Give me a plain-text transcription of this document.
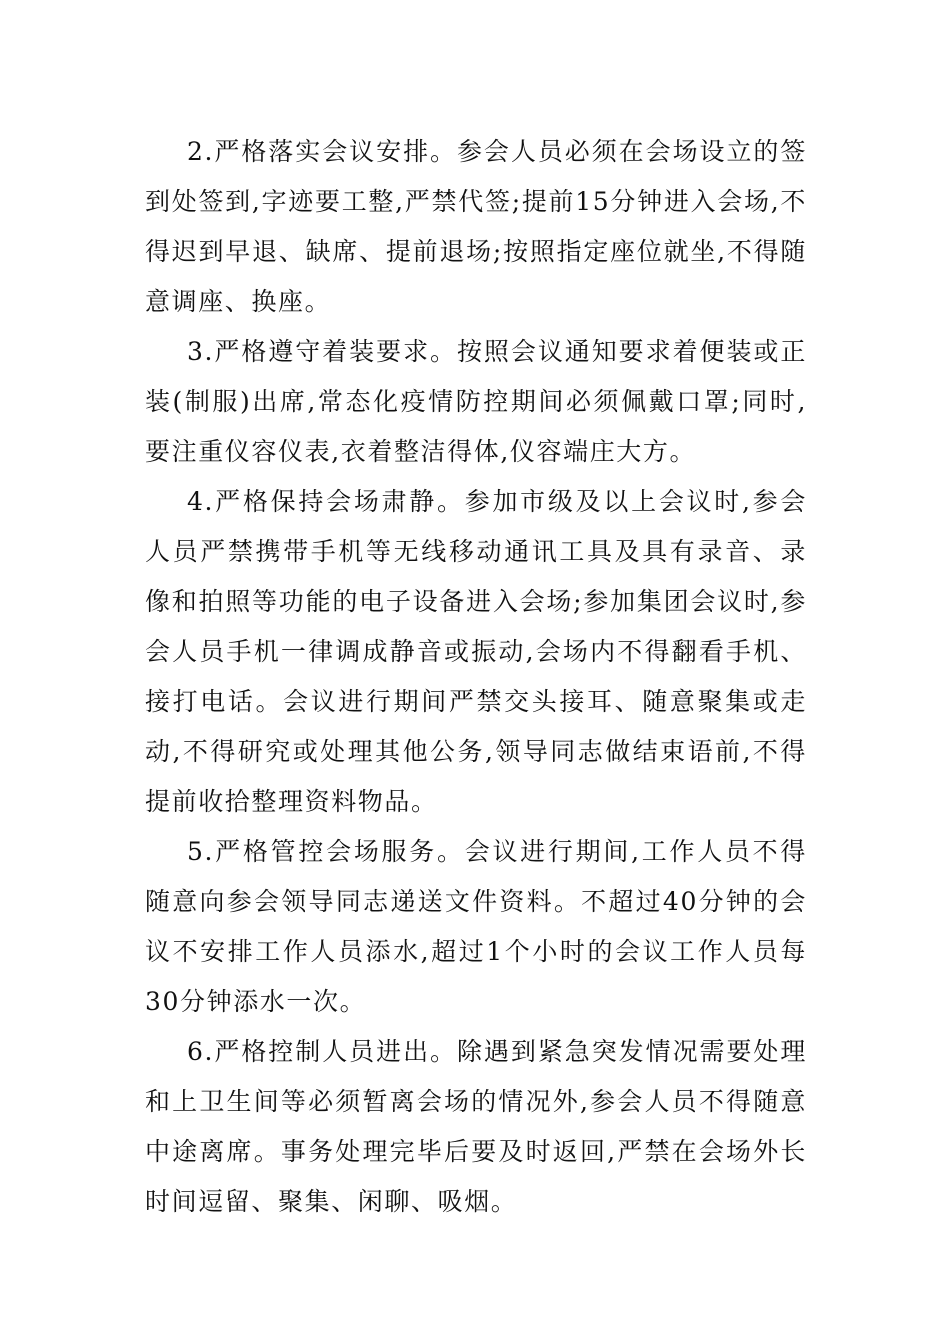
2.严格落实会议安排。参会人员必须在会场设立的签到处签到,字迹要工整,严禁代签;提前15分钟进入会场,不得迟到早退、缺席、提前退场;按照指定座位就坐,不得随意调座、换座。

3.严格遵守着装要求。按照会议通知要求着便装或正装(制服)出席,常态化疫情防控期间必须佩戴口罩;同时,要注重仪容仪表,衣着整洁得体,仪容端庄大方。

4.严格保持会场肃静。参加市级及以上会议时,参会人员严禁携带手机等无线移动通讯工具及具有录音、录像和拍照等功能的电子设备进入会场;参加集团会议时,参会人员手机一律调成静音或振动,会场内不得翻看手机、接打电话。会议进行期间严禁交头接耳、随意聚集或走动,不得研究或处理其他公务,领导同志做结束语前,不得提前收拾整理资料物品。

5.严格管控会场服务。会议进行期间,工作人员不得随意向参会领导同志递送文件资料。不超过40分钟的会议不安排工作人员添水,超过1个小时的会议工作人员每30分钟添水一次。

6.严格控制人员进出。除遇到紧急突发情况需要处理和上卫生间等必须暂离会场的情况外,参会人员不得随意中途离席。事务处理完毕后要及时返回,严禁在会场外长时间逗留、聚集、闲聊、吸烟。
